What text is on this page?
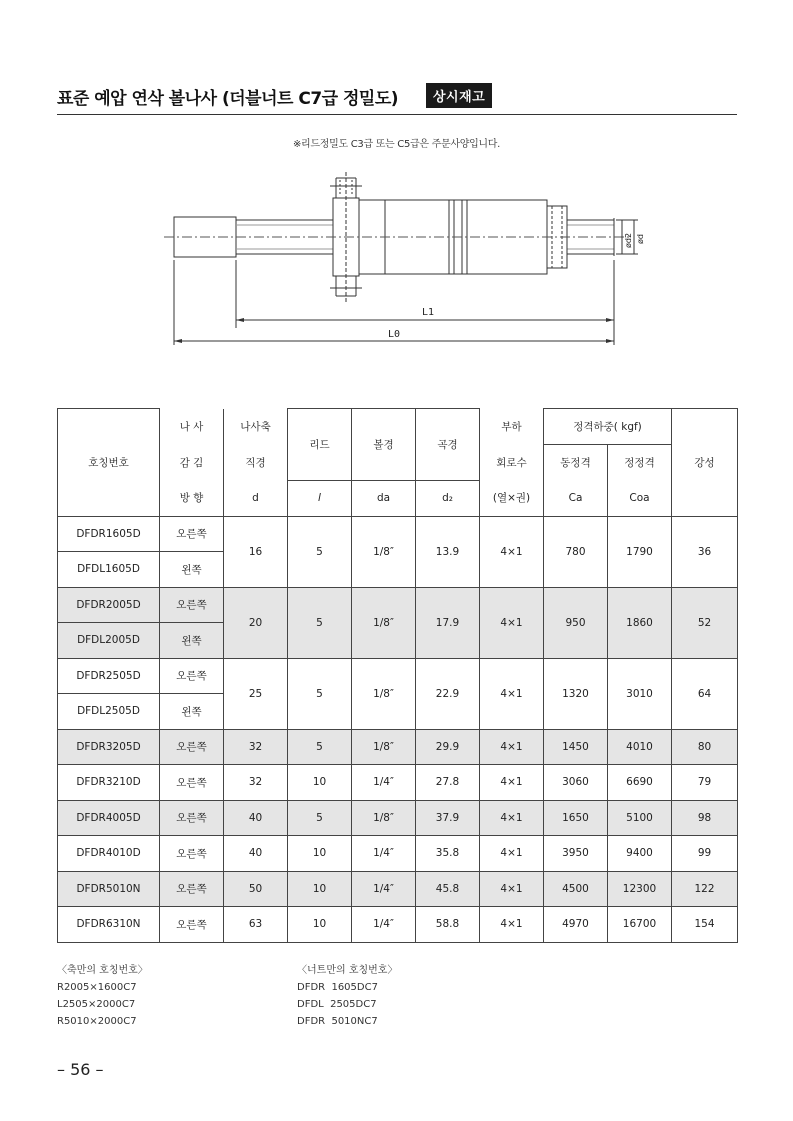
표준 예압 연삭 볼나사 (더블너트 C7급 정밀도)	상시재고
※리드정밀도 C3급 또는 C5급은 주문사양입니다.
L1
L0
ød2 ød
호칭번호	나 사	나사축	리드	볼경	곡경	부하	정격하중( kgf)		강성

	감 김	직경				회로수	동정격	정정격	
	방 향	d	l	da	d₂	(열×권)	Ca	Coa	
DFDR1605D	오른쪽	16	5	1/8″	13.9	4×1	780	1790	36
DFDL1605D	왼쪽								
DFDR2005D	오른쪽	20	5	1/8″	17.9	4×1	950	1860	52
DFDL2005D	왼쪽								
DFDR2505D	오른쪽	25	5	1/8″	22.9	4×1	1320	3010	64
DFDL2505D	왼쪽								
DFDR3205D	오른쪽	32	5	1/8″	29.9	4×1	1450	4010	80
DFDR3210D	오른쪽	32	10	1/4″	27.8	4×1	3060	6690	79
DFDR4005D	오른쪽	40	5	1/8″	37.9	4×1	1650	5100	98
DFDR4010D	오른쪽	40	10	1/4″	35.8	4×1	3950	9400	99
DFDR5010N	오른쪽	50	10	1/4″	45.8	4×1	4500	12300	122
DFDR6310N	오른쪽	63	10	1/4″	58.8	4×1	4970	16700	154
〈축만의 호칭번호〉
R2005×1600C7
L2505×2000C7
R5010×2000C7
〈너트만의 호칭번호〉
DFDR  1605DC7
DFDL  2505DC7
DFDR  5010NC7
– 56 –
